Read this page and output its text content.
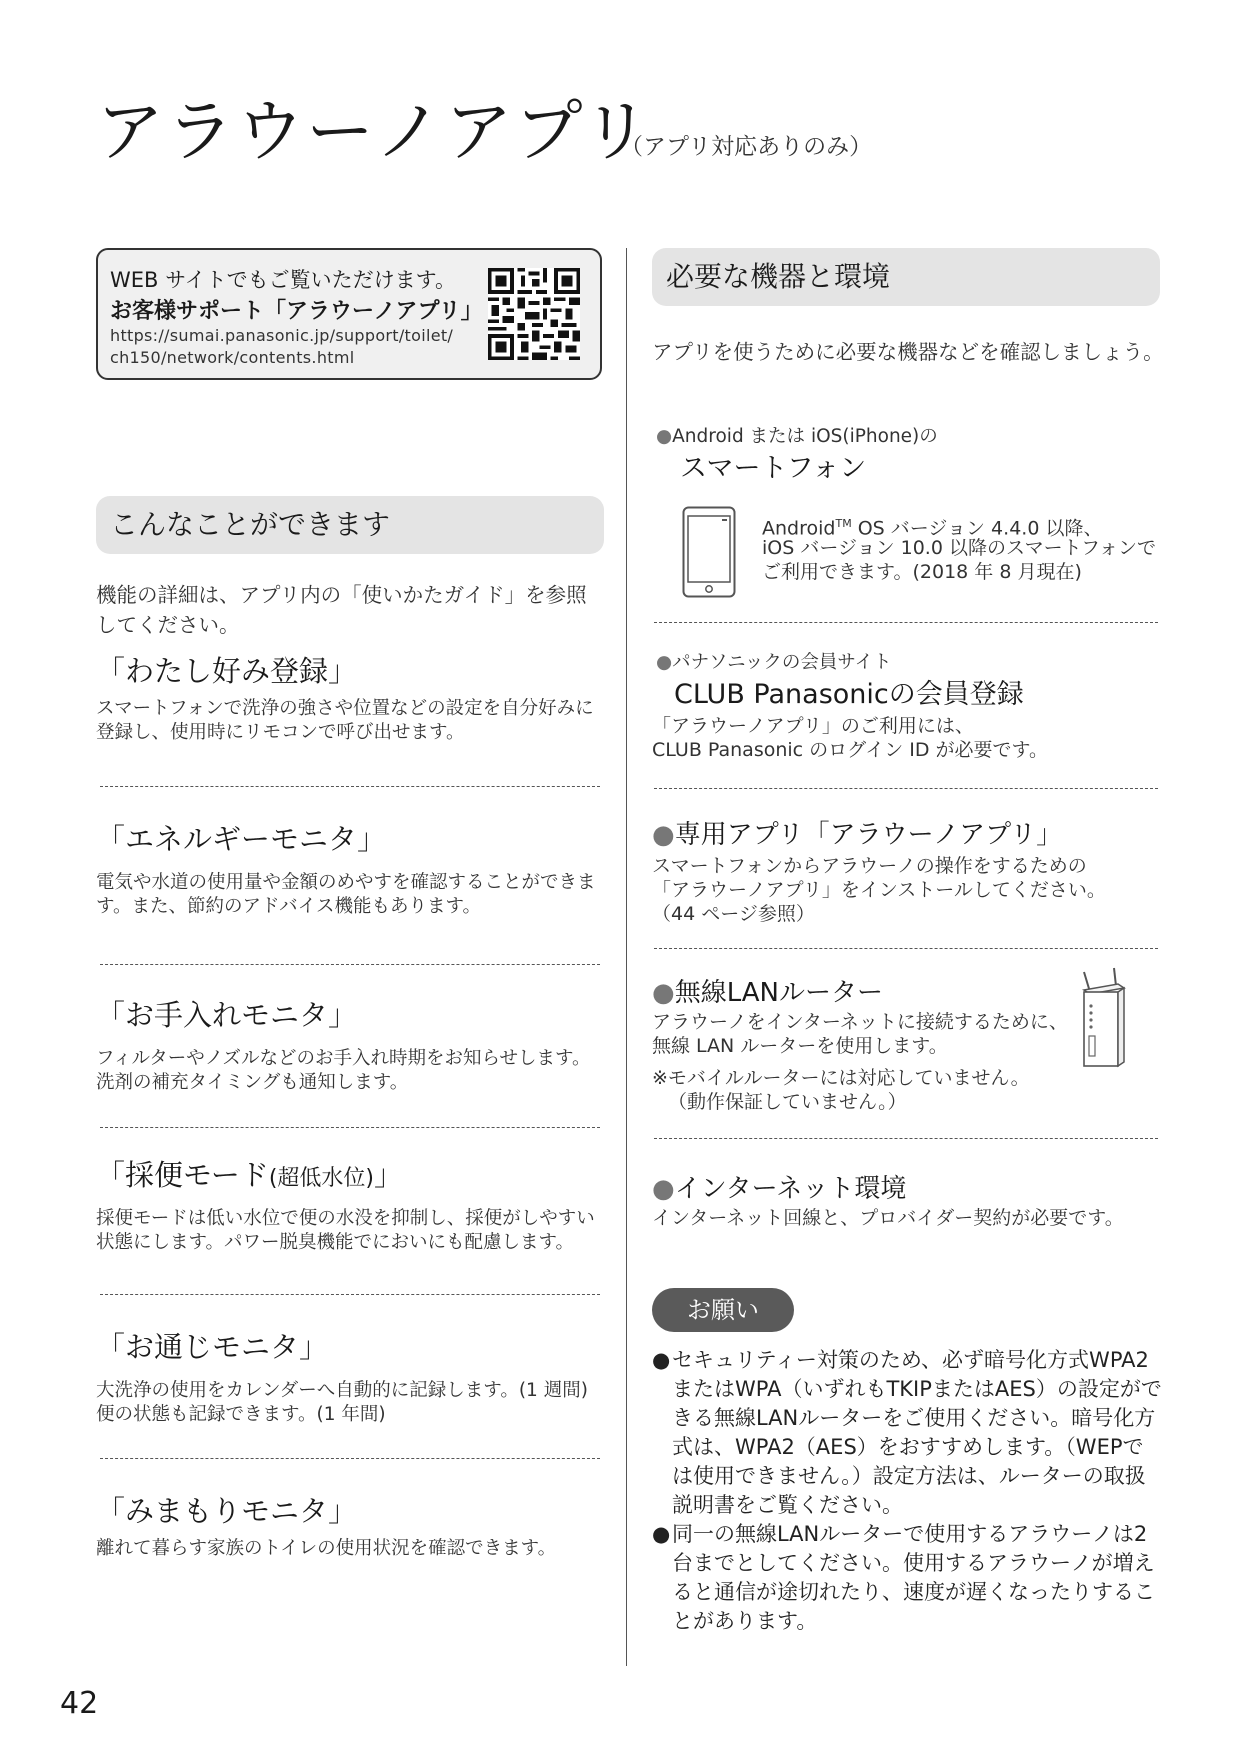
アラウーノアプリ
（アプリ対応ありのみ）
WEB サイトでもご覧いただけます。
お客様サポート「アラウーノアプリ」
https://sumai.panasonic.jp/support/toilet/
ch150/network/contents.html
こんなことができます
機能の詳細は、アプリ内の「使いかたガイド」を参照してください。
「わたし好み登録」
スマートフォンで洗浄の強さや位置などの設定を自分好みに登録し、使用時にリモコンで呼び出せます。
「エネルギーモニタ」
電気や水道の使用量や金額のめやすを確認することができます。また、節約のアドバイス機能もあります。
「お手入れモニタ」
フィルターやノズルなどのお手入れ時期をお知らせします。洗剤の補充タイミングも通知します。
「採便モード(超低水位)」
採便モードは低い水位で便の水没を抑制し、採便がしやすい状態にします。パワー脱臭機能でにおいにも配慮します。
「お通じモニタ」
大洗浄の使用をカレンダーへ自動的に記録します。(1 週間)
便の状態も記録できます。(1 年間)
「みまもりモニタ」
離れて暮らす家族のトイレの使用状況を確認できます。
必要な機器と環境
アプリを使うために必要な機器などを確認しましょう。
●Android または iOS(iPhone)の
スマートフォン
Android™ OS バージョン 4.4.0 以降、
iOS バージョン 10.0 以降のスマートフォンで
ご利用できます。(2018 年 8 月現在)
●パナソニックの会員サイト
CLUB Panasonicの会員登録
「アラウーノアプリ」のご利用には、
CLUB Panasonic のログイン ID が必要です。
●専用アプリ「アラウーノアプリ」
スマートフォンからアラウーノの操作をするための
「アラウーノアプリ」をインストールしてください。
（44 ページ参照）
●無線LANルーター
アラウーノをインターネットに接続するために、
無線 LAN ルーターを使用します。
※モバイルルーターには対応していません。
（動作保証していません。）
●インターネット環境
インターネット回線と、プロバイダー契約が必要です。
お願い
● セキュリティー対策のため、必ず暗号化方式WPA2またはWPA（いずれもTKIPまたはAES）の設定ができる無線LANルーターをご使用ください。暗号化方式は、WPA2（AES）をおすすめします。（WEPでは使用できません。）設定方法は、ルーターの取扱説明書をご覧ください。
● 同一の無線LANルーターで使用するアラウーノは2台までとしてください。使用するアラウーノが増えると通信が途切れたり、速度が遅くなったりすることがあります。
42
